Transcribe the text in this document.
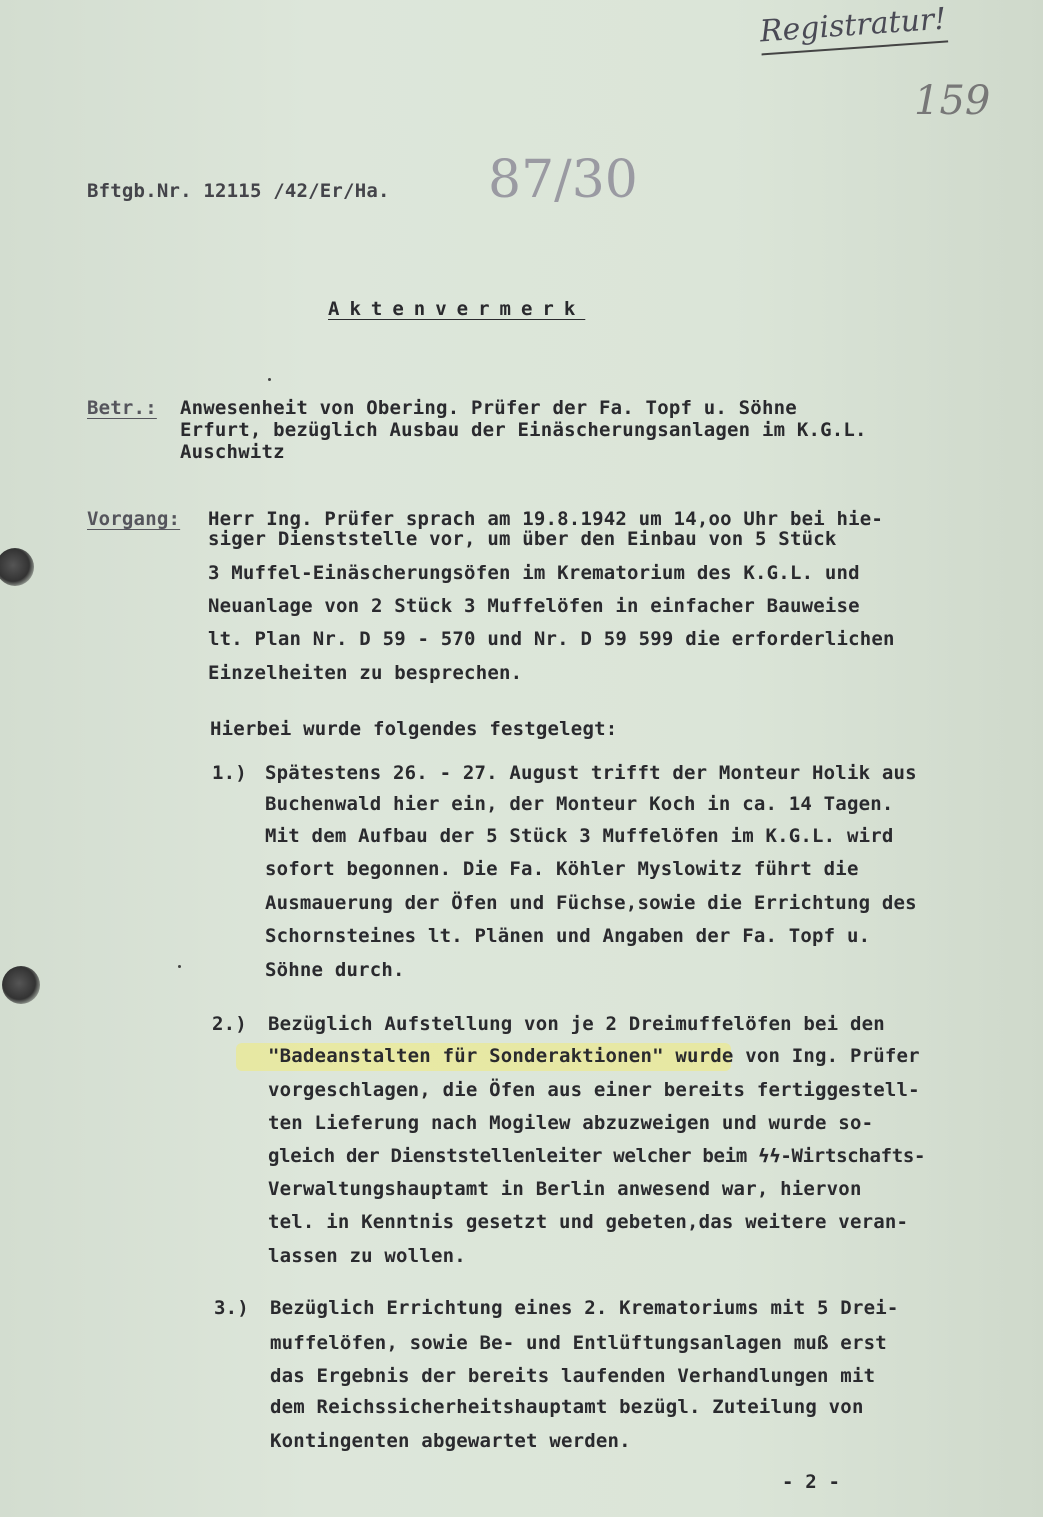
Registratur!
159
87/30
Bftgb.Nr. 12115 /42/Er/Ha.
Aktenvermerk
Betr.: Anwesenheit von Obering. Prüfer der Fa. Topf u. Söhne
Erfurt, bezüglich Ausbau der Einäscherungsanlagen im K.G.L.
Auschwitz
Vorgang: Herr Ing. Prüfer sprach am 19.8.1942 um 14,oo Uhr bei hie-
siger Dienststelle vor, um über den Einbau von 5 Stück
3 Muffel-Einäscherungsöfen im Krematorium des K.G.L. und
Neuanlage von 2 Stück 3 Muffelöfen in einfacher Bauweise
lt. Plan Nr. D 59 - 570 und Nr. D 59 599 die erforderlichen
Einzelheiten zu besprechen.
Hierbei wurde folgendes festgelegt:
1.) Spätestens 26. - 27. August trifft der Monteur Holik aus
Buchenwald hier ein, der Monteur Koch in ca. 14 Tagen.
Mit dem Aufbau der 5 Stück 3 Muffelöfen im K.G.L. wird
sofort begonnen. Die Fa. Köhler Myslowitz führt die
Ausmauerung der Öfen und Füchse,sowie die Errichtung des
Schornsteines lt. Plänen und Angaben der Fa. Topf u.
Söhne durch.
2.) Bezüglich Aufstellung von je 2 Dreimuffelöfen bei den
"Badeanstalten für Sonderaktionen" wurde von Ing. Prüfer
vorgeschlagen, die Öfen aus einer bereits fertiggestell-
ten Lieferung nach Mogilew abzuzweigen und wurde so-
gleich der Dienststellenleiter welcher beim ϟϟ-Wirtschafts-
Verwaltungshauptamt in Berlin anwesend war, hiervon
tel. in Kenntnis gesetzt und gebeten,das weitere veran-
lassen zu wollen.
3.) Bezüglich Errichtung eines 2. Krematoriums mit 5 Drei-
muffelöfen, sowie Be- und Entlüftungsanlagen muß erst
das Ergebnis der bereits laufenden Verhandlungen mit
dem Reichssicherheitshauptamt bezügl. Zuteilung von
Kontingenten abgewartet werden.
- 2 -
